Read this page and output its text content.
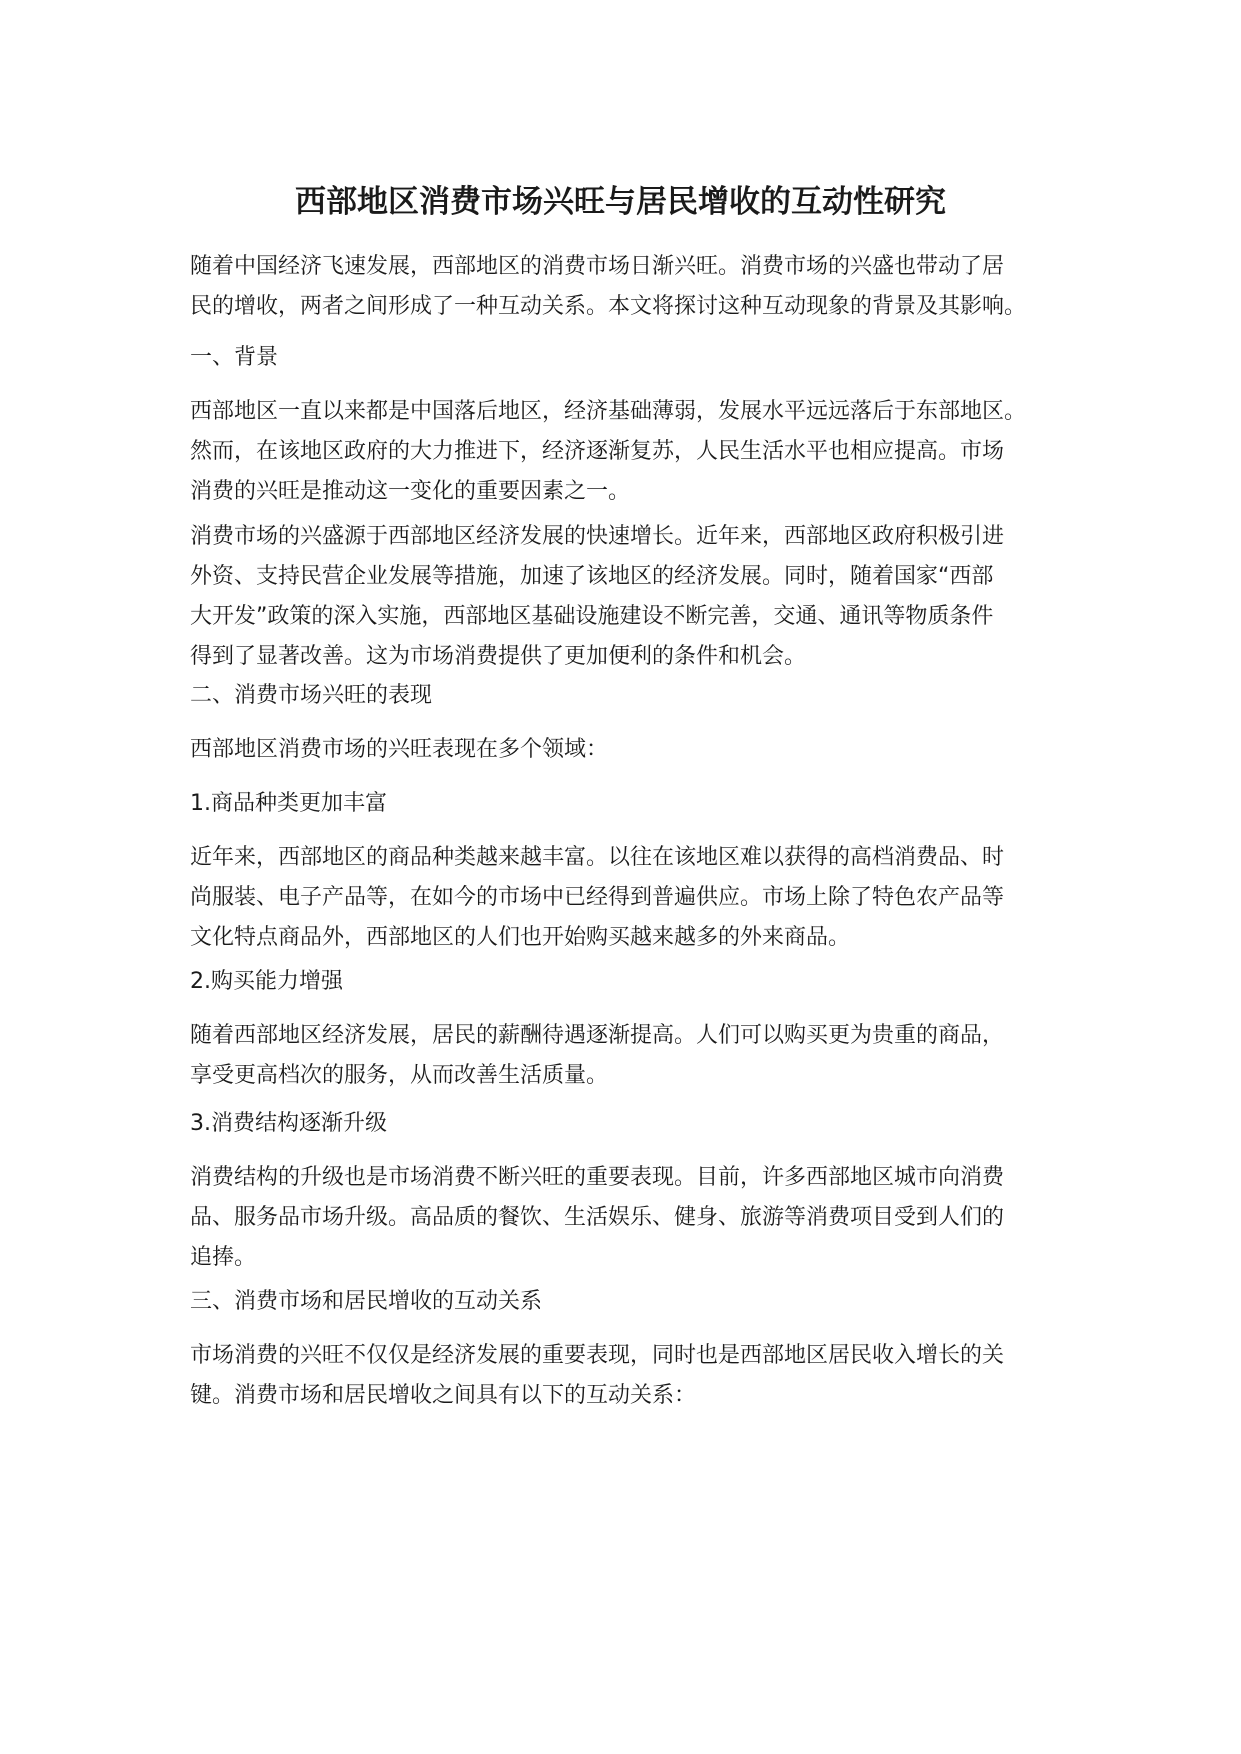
西部地区消费市场兴旺与居民增收的互动性研究

随着中国经济飞速发展，西部地区的消费市场日渐兴旺。消费市场的兴盛也带动了居
民的增收，两者之间形成了一种互动关系。本文将探讨这种互动现象的背景及其影响。

一、背景

西部地区一直以来都是中国落后地区，经济基础薄弱，发展水平远远落后于东部地区。
然而，在该地区政府的大力推进下，经济逐渐复苏，人民生活水平也相应提高。市场
消费的兴旺是推动这一变化的重要因素之一。

消费市场的兴盛源于西部地区经济发展的快速增长。近年来，西部地区政府积极引进
外资、支持民营企业发展等措施，加速了该地区的经济发展。同时，随着国家“西部
大开发”政策的深入实施，西部地区基础设施建设不断完善，交通、通讯等物质条件
得到了显著改善。这为市场消费提供了更加便利的条件和机会。

二、消费市场兴旺的表现

西部地区消费市场的兴旺表现在多个领域：

1.商品种类更加丰富

近年来，西部地区的商品种类越来越丰富。以往在该地区难以获得的高档消费品、时
尚服装、电子产品等，在如今的市场中已经得到普遍供应。市场上除了特色农产品等
文化特点商品外，西部地区的人们也开始购买越来越多的外来商品。

2.购买能力增强

随着西部地区经济发展，居民的薪酬待遇逐渐提高。人们可以购买更为贵重的商品，
享受更高档次的服务，从而改善生活质量。

3.消费结构逐渐升级

消费结构的升级也是市场消费不断兴旺的重要表现。目前，许多西部地区城市向消费
品、服务品市场升级。高品质的餐饮、生活娱乐、健身、旅游等消费项目受到人们的
追捧。

三、消费市场和居民增收的互动关系

市场消费的兴旺不仅仅是经济发展的重要表现，同时也是西部地区居民收入增长的关
键。消费市场和居民增收之间具有以下的互动关系：
